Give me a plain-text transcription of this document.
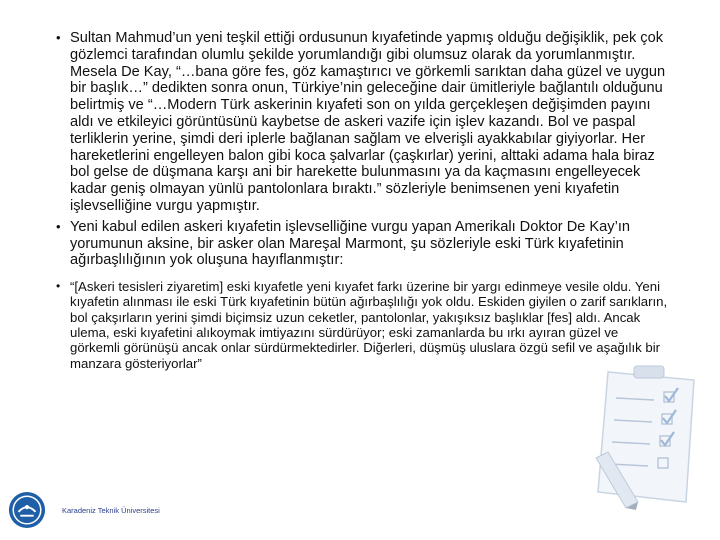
• Sultan Mahmud’un yeni teşkil ettiği ordusunun kıyafetinde yapmış olduğu değişiklik, pek çok gözlemci tarafından olumlu şekilde yorumlandığı gibi olumsuz olarak da yorumlanmıştır. Mesela De Kay, “…bana göre fes, göz kamaştırıcı ve görkemli sarıktan daha güzel ve uygun bir başlık…” dedikten sonra onun, Türkiye’nin geleceğine dair ümitleriyle bağlantılı olduğunu belirtmiş ve “…Modern Türk askerinin kıyafeti son on yılda gerçekleşen değişimden payını aldı ve etkileyici görüntüsünü kaybetse de askeri vazife için işlev kazandı. Bol ve paspal terliklerin yerine, şimdi deri iplerle bağlanan sağlam ve elverişli ayakkabılar giyiyorlar. Her hareketlerini engelleyen balon gibi koca şalvarlar (çaşkırlar) yerini, alttaki adama hala biraz bol gelse de düşmana karşı ani bir harekette bulunmasını ya da kaçmasını engelleyecek kadar geniş olmayan yünlü pantolonlara bıraktı.” sözleriyle benimsenen yeni kıyafetin işlevselliğine vurgu yapmıştır.
• Yeni kabul edilen askeri kıyafetin işlevselliğine vurgu yapan Amerikalı Doktor De Kay’ın yorumunun aksine, bir asker olan Mareşal Marmont, şu sözleriyle eski Türk kıyafetinin ağırbaşlılığının yok oluşuna hayıflanmıştır:
• “[Askeri tesisleri ziyaretim] eski kıyafetle yeni kıyafet farkı üzerine bir yargı edinmeye vesile oldu. Yeni kıyafetin alınması ile eski Türk kıyafetinin bütün ağırbaşlılığı yok oldu. Eskiden giyilen o zarif sarıkların, bol çakşırların yerini şimdi biçimsiz uzun ceketler, pantolonlar, yakışıksız başlıklar [fes] aldı. Ancak ulema, eski kıyafetini alıkoymak imtiyazını sürdürüyor; eski zamanlarda bu ırkı ayıran güzel ve görkemli görünüşü ancak onlar sürdürmektedirler. Diğerleri, düşmüş uluslara özgü sefil ve aşağılık bir manzara gösteriyorlar”
Karadeniz Teknik Üniversitesi
